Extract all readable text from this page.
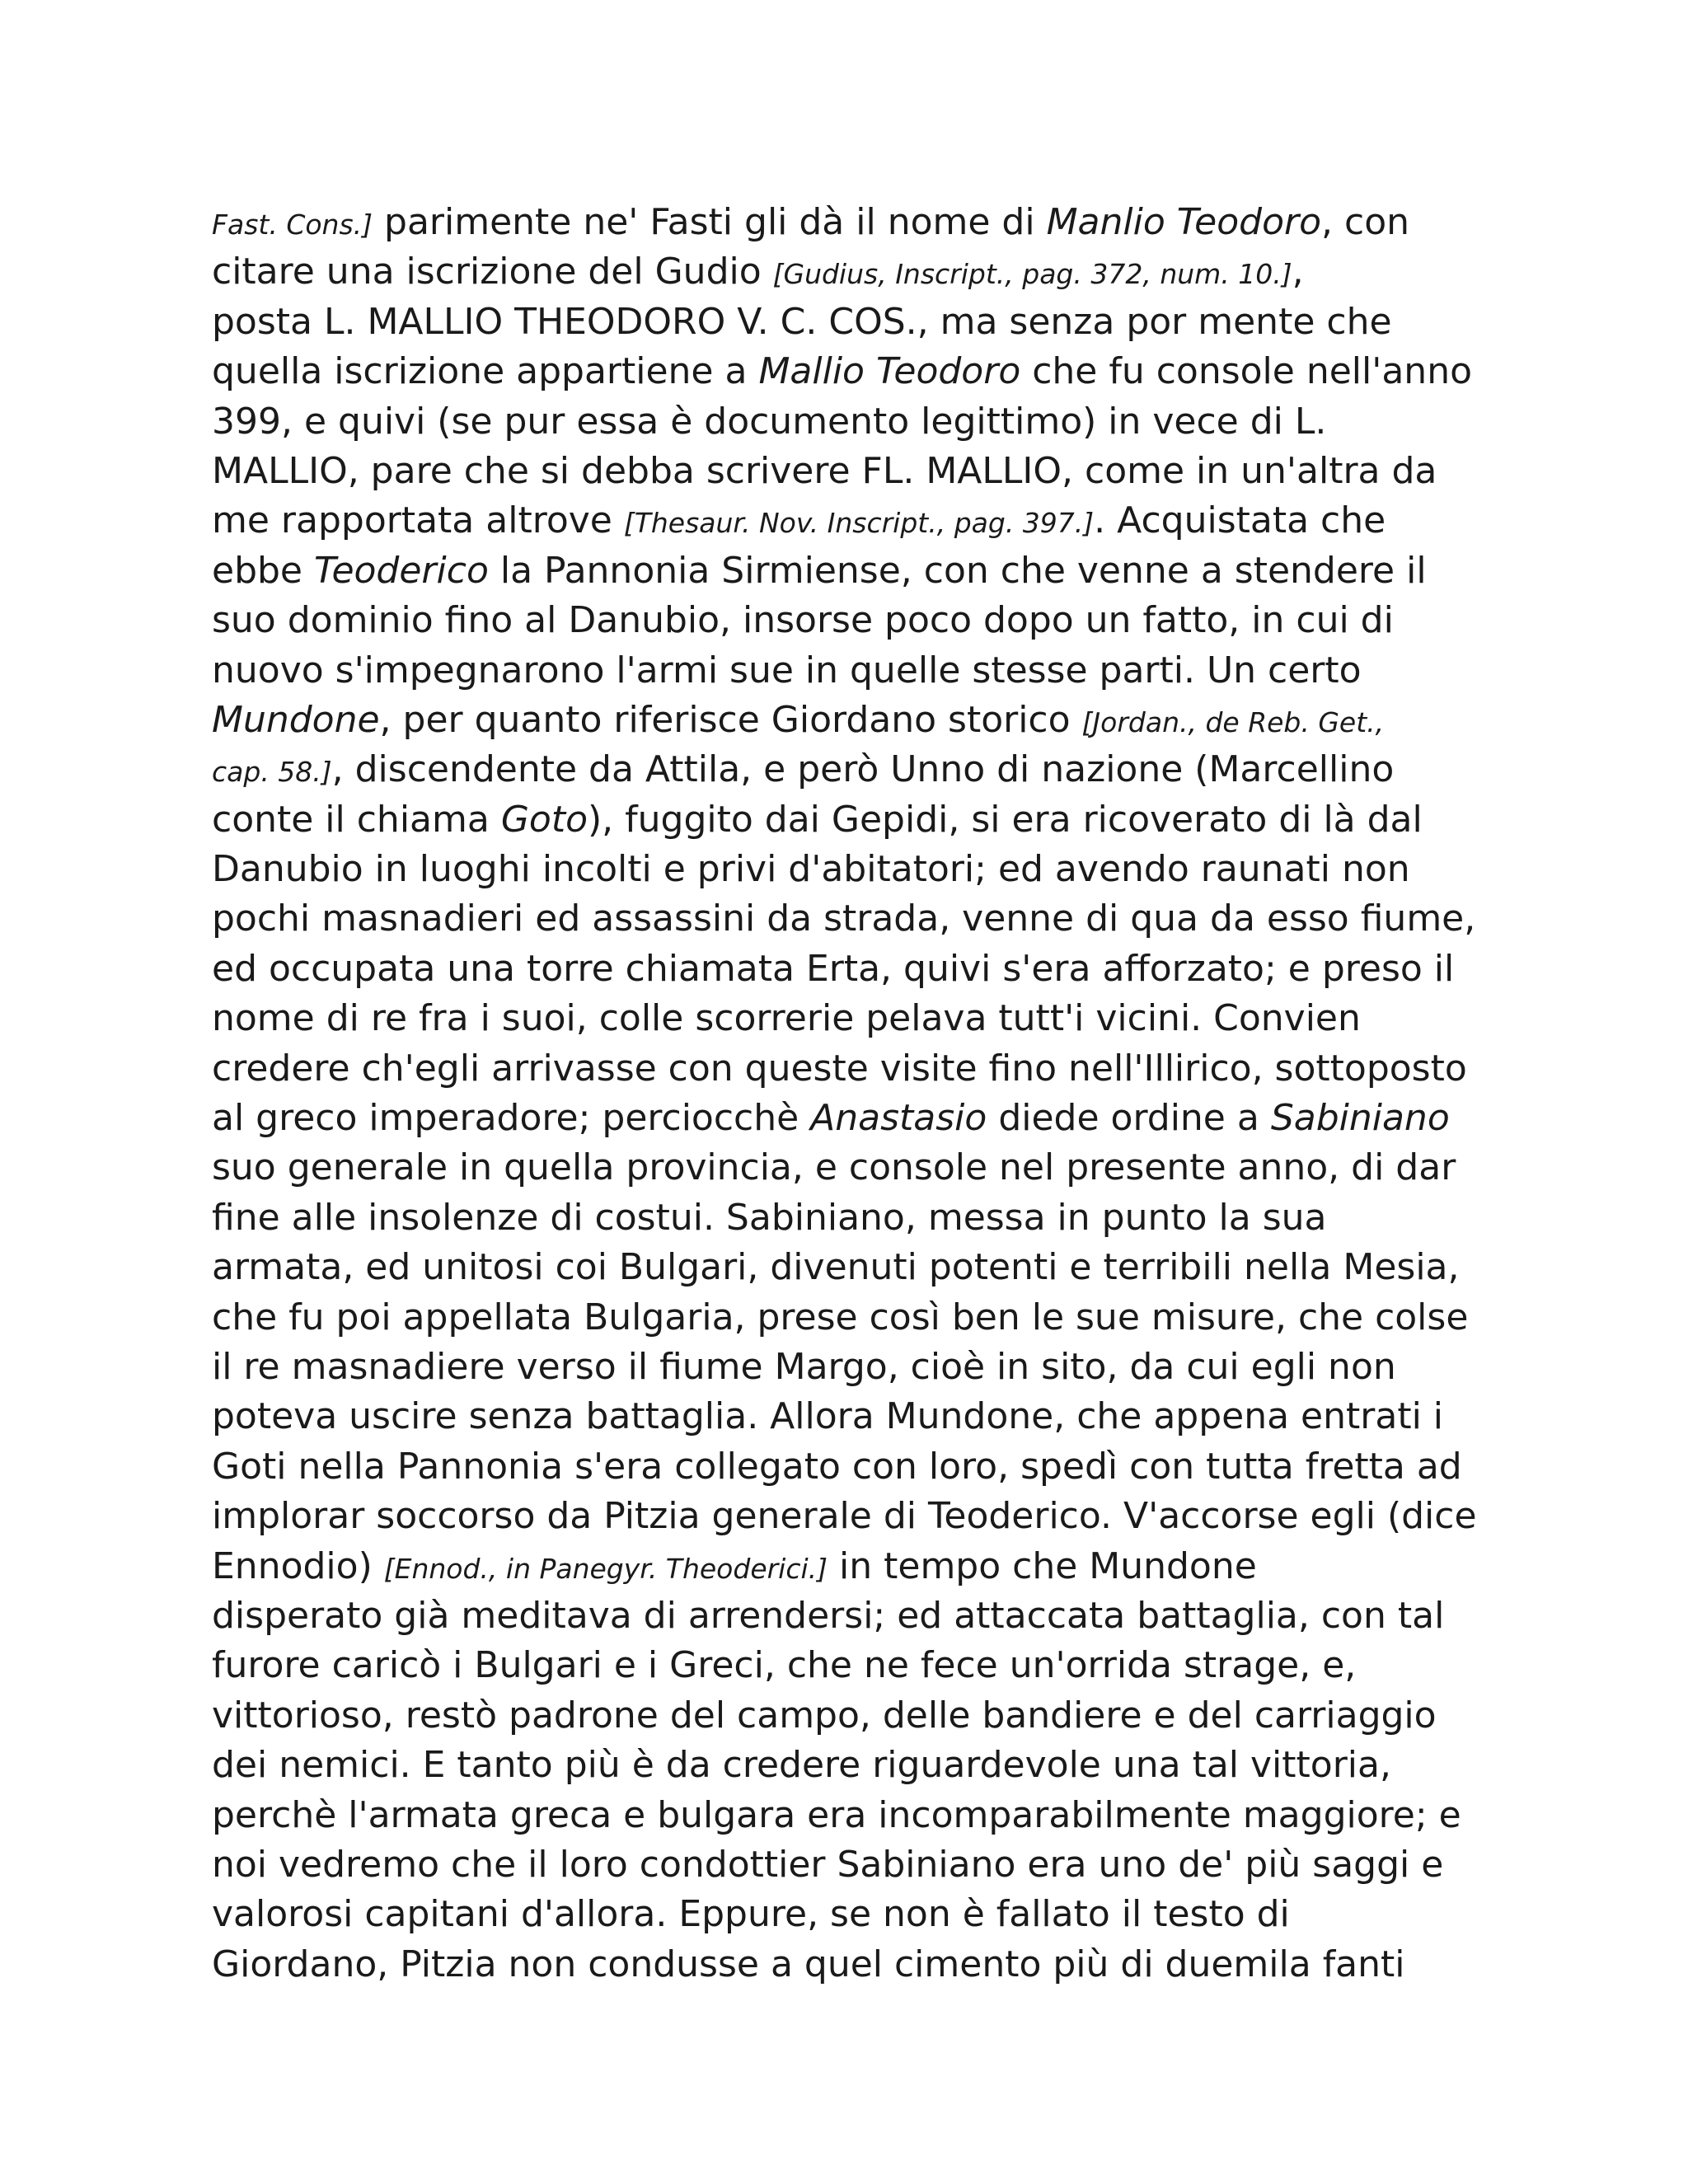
Fast. Cons.] parimente ne' Fasti gli dà il nome di Manlio Teodoro, con
citare una iscrizione del Gudio [Gudius, Inscript., pag. 372, num. 10.],
posta L. MALLIO THEODORO V. C. COS., ma senza por mente che
quella iscrizione appartiene a Mallio Teodoro che fu console nell'anno
399, e quivi (se pur essa è documento legittimo) in vece di L.
MALLIO, pare che si debba scrivere FL. MALLIO, come in un'altra da
me rapportata altrove [Thesaur. Nov. Inscript., pag. 397.]. Acquistata che
ebbe Teoderico la Pannonia Sirmiense, con che venne a stendere il
suo dominio fino al Danubio, insorse poco dopo un fatto, in cui di
nuovo s'impegnarono l'armi sue in quelle stesse parti. Un certo
Mundone, per quanto riferisce Giordano storico [Jordan., de Reb. Get.,
cap. 58.], discendente da Attila, e però Unno di nazione (Marcellino
conte il chiama Goto), fuggito dai Gepidi, si era ricoverato di là dal
Danubio in luoghi incolti e privi d'abitatori; ed avendo raunati non
pochi masnadieri ed assassini da strada, venne di qua da esso fiume,
ed occupata una torre chiamata Erta, quivi s'era afforzato; e preso il
nome di re fra i suoi, colle scorrerie pelava tutt'i vicini. Convien
credere ch'egli arrivasse con queste visite fino nell'Illirico, sottoposto
al greco imperadore; perciocchè Anastasio diede ordine a Sabiniano
suo generale in quella provincia, e console nel presente anno, di dar
fine alle insolenze di costui. Sabiniano, messa in punto la sua
armata, ed unitosi coi Bulgari, divenuti potenti e terribili nella Mesia,
che fu poi appellata Bulgaria, prese così ben le sue misure, che colse
il re masnadiere verso il fiume Margo, cioè in sito, da cui egli non
poteva uscire senza battaglia. Allora Mundone, che appena entrati i
Goti nella Pannonia s'era collegato con loro, spedì con tutta fretta ad
implorar soccorso da Pitzia generale di Teoderico. V'accorse egli (dice
Ennodio) [Ennod., in Panegyr. Theoderici.] in tempo che Mundone
disperato già meditava di arrendersi; ed attaccata battaglia, con tal
furore caricò i Bulgari e i Greci, che ne fece un'orrida strage, e,
vittorioso, restò padrone del campo, delle bandiere e del carriaggio
dei nemici. E tanto più è da credere riguardevole una tal vittoria,
perchè l'armata greca e bulgara era incomparabilmente maggiore; e
noi vedremo che il loro condottier Sabiniano era uno de' più saggi e
valorosi capitani d'allora. Eppure, se non è fallato il testo di
Giordano, Pitzia non condusse a quel cimento più di duemila fanti
